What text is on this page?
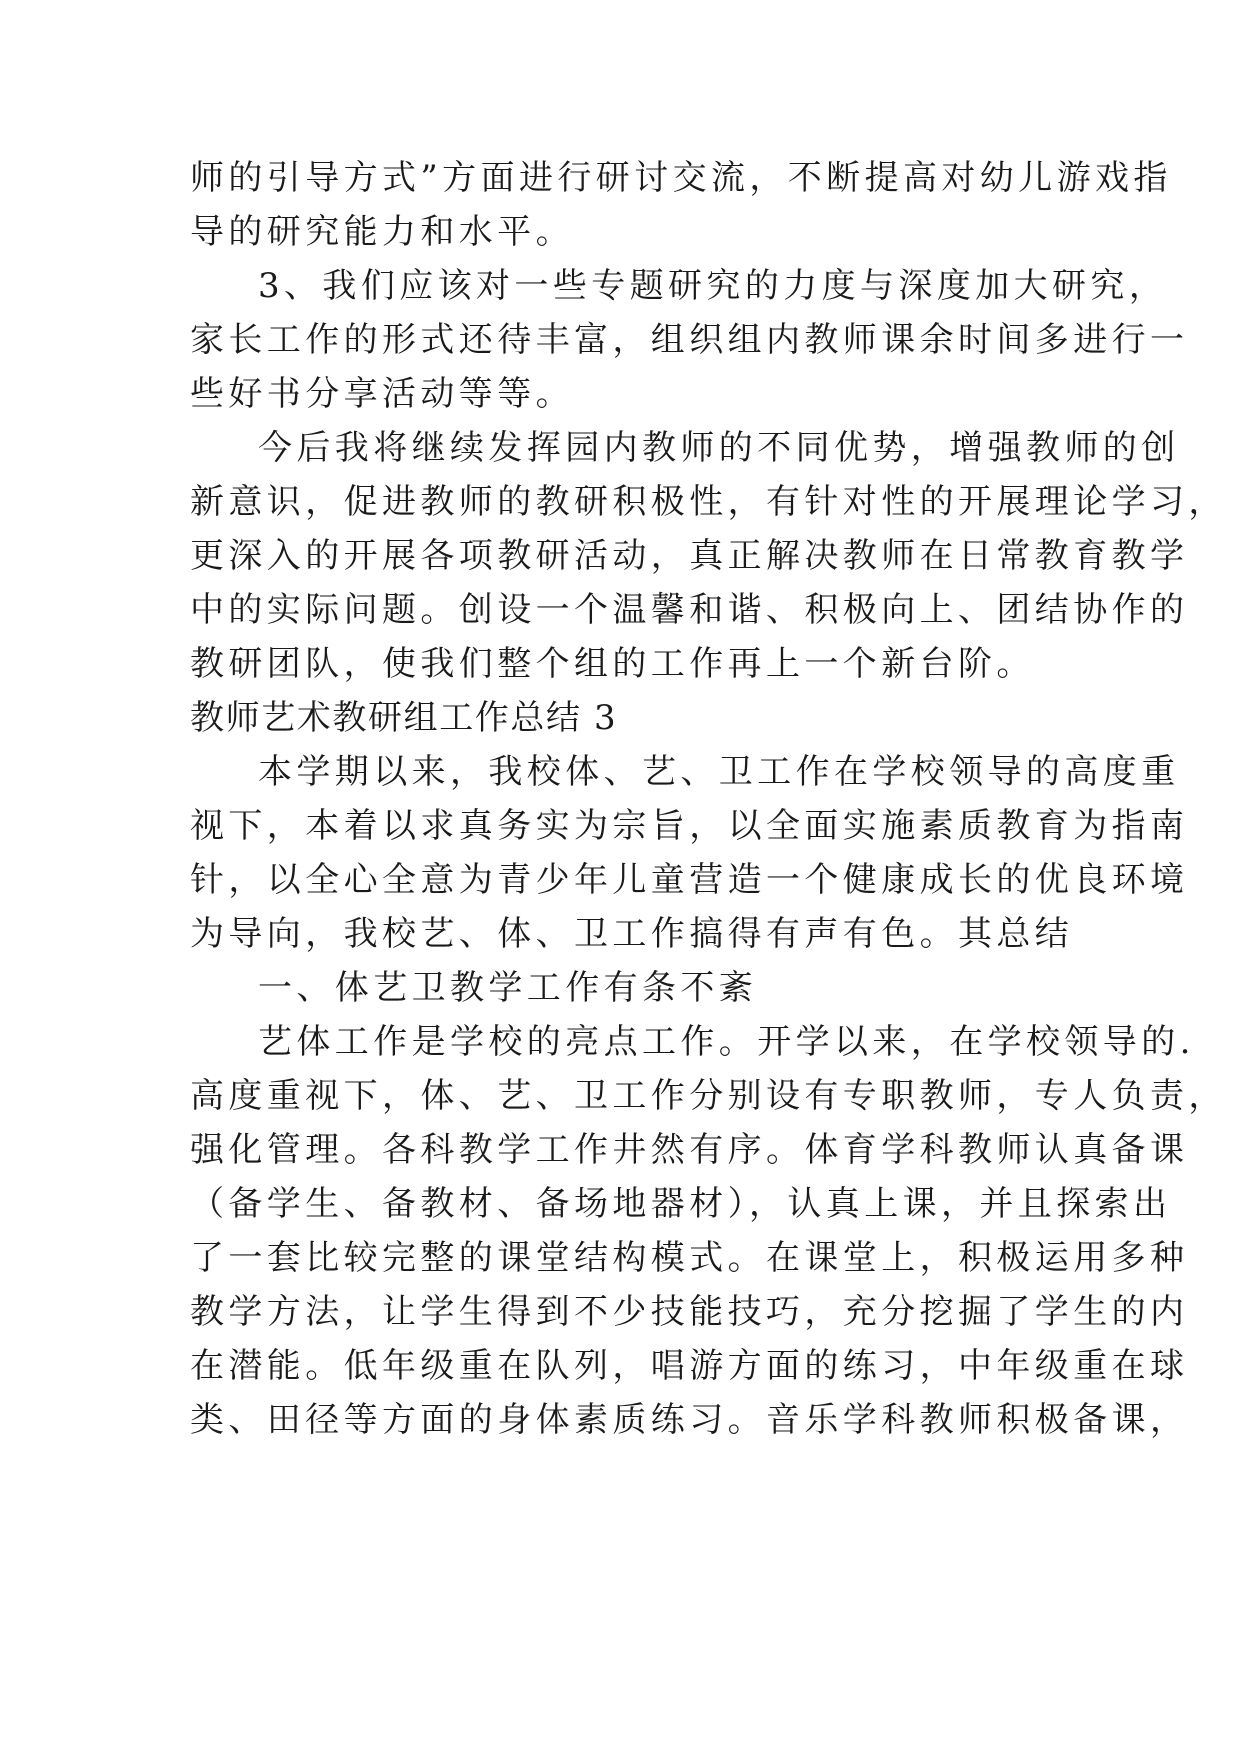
师的引导方式”方面进行研讨交流，不断提高对幼儿游戏指
导的研究能力和水平。
3、我们应该对一些专题研究的力度与深度加大研究，
家长工作的形式还待丰富，组织组内教师课余时间多进行一
些好书分享活动等等。
今后我将继续发挥园内教师的不同优势，增强教师的创
新意识，促进教师的教研积极性，有针对性的开展理论学习，
更深入的开展各项教研活动，真正解决教师在日常教育教学
中的实际问题。创设一个温馨和谐、积极向上、团结协作的
教研团队，使我们整个组的工作再上一个新台阶。
教师艺术教研组工作总结 3
本学期以来，我校体、艺、卫工作在学校领导的高度重
视下，本着以求真务实为宗旨，以全面实施素质教育为指南
针，以全心全意为青少年儿童营造一个健康成长的优良环境
为导向，我校艺、体、卫工作搞得有声有色。其总结
一、体艺卫教学工作有条不紊
艺体工作是学校的亮点工作。开学以来，在学校领导的.
高度重视下，体、艺、卫工作分别设有专职教师，专人负责，
强化管理。各科教学工作井然有序。体育学科教师认真备课
（备学生、备教材、备场地器材），认真上课，并且探索出
了一套比较完整的课堂结构模式。在课堂上，积极运用多种
教学方法，让学生得到不少技能技巧，充分挖掘了学生的内
在潜能。低年级重在队列，唱游方面的练习，中年级重在球
类、田径等方面的身体素质练习。音乐学科教师积极备课，
